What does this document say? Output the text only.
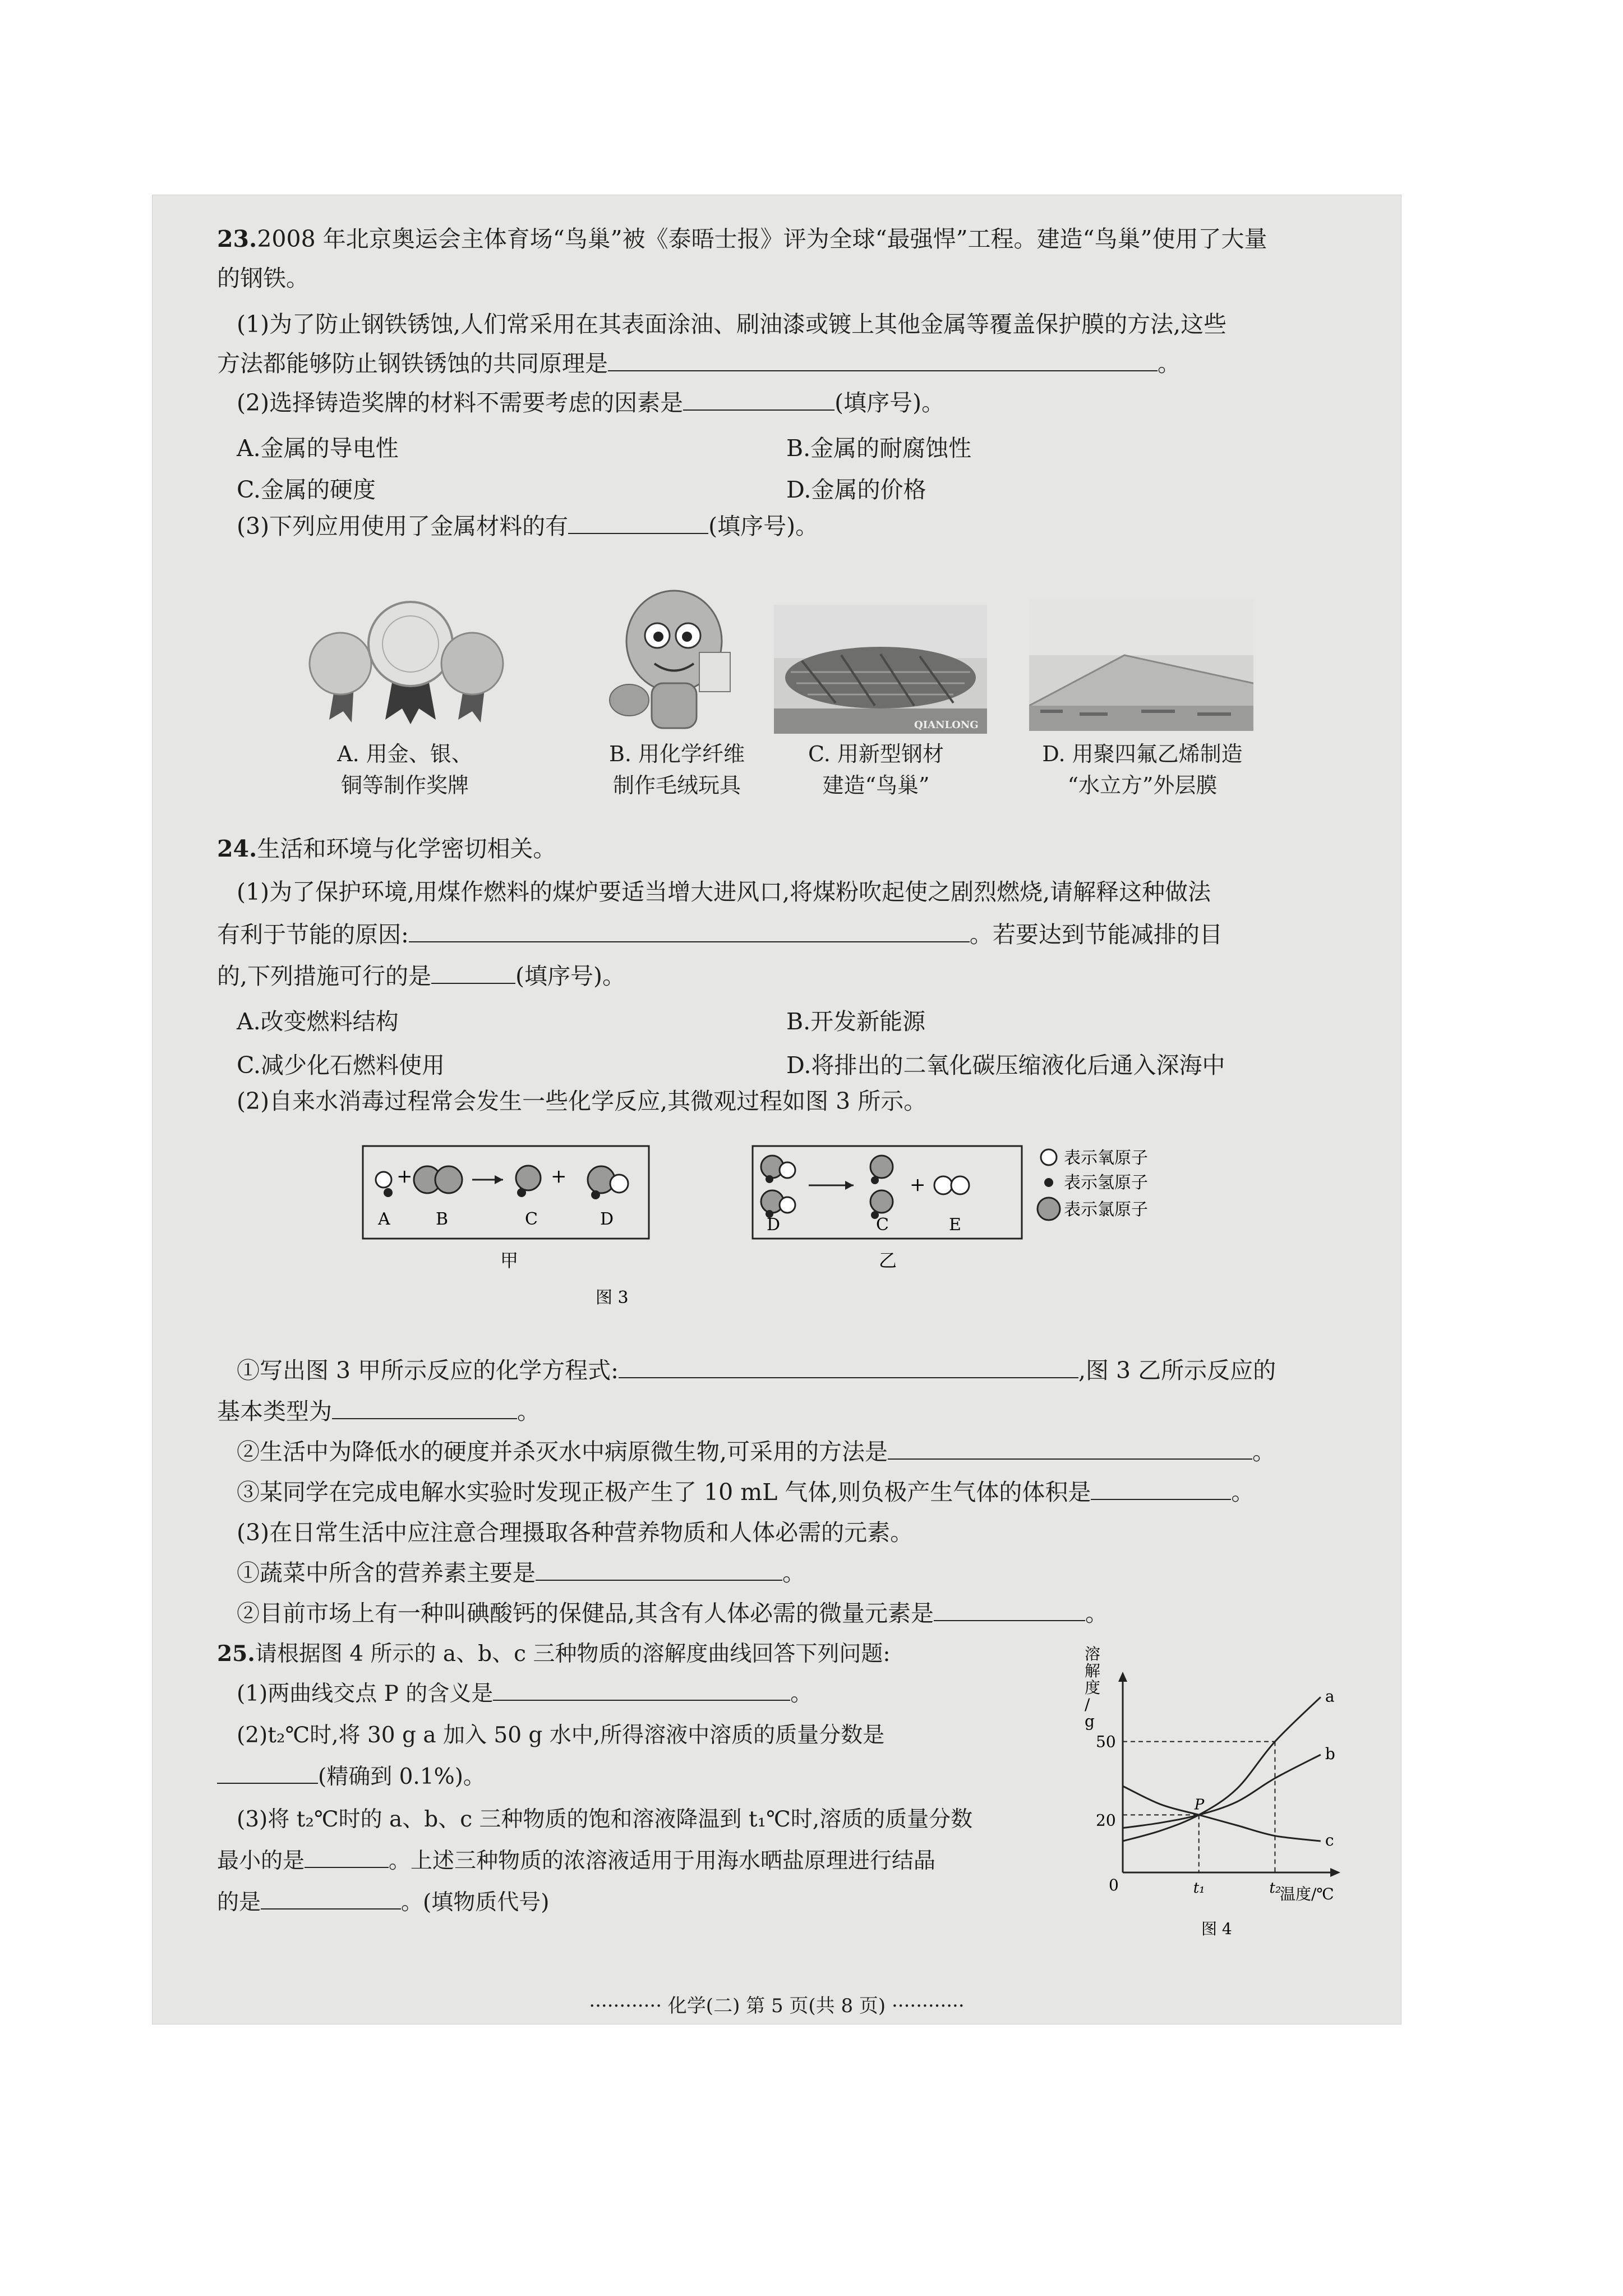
23.2008 年北京奥运会主体育场“鸟巢”被《泰晤士报》评为全球“最强悍”工程。建造“鸟巢”使用了大量
的钢铁。
(1)为了防止钢铁锈蚀,人们常采用在其表面涂油、刷油漆或镀上其他金属等覆盖保护膜的方法,这些
方法都能够防止钢铁锈蚀的共同原理是	。
(2)选择铸造奖牌的材料不需要考虑的因素是	(填序号)。
A.金属的导电性	B.金属的耐腐蚀性
C.金属的硬度	D.金属的价格
(3)下列应用使用了金属材料的有	(填序号)。
QIANLONG
A. 用金、银、
铜等制作奖牌
B. 用化学纤维
制作毛绒玩具
C. 用新型钢材
建造“鸟巢”
D. 用聚四氟乙烯制造
“水立方”外层膜
24.生活和环境与化学密切相关。
(1)为了保护环境,用煤作燃料的煤炉要适当增大进风口,将煤粉吹起使之剧烈燃烧,请解释这种做法
有利于节能的原因:	。若要达到节能减排的目
的,下列措施可行的是	(填序号)。
A.改变燃料结构	B.开发新能源
C.减少化石燃料使用	D.将排出的二氧化碳压缩液化后通入深海中
(2)自来水消毒过程常会发生一些化学反应,其微观过程如图 3 所示。
+	+
A	B	C	D
甲
+
D	C	E
乙
表示氧原子
表示氢原子
表示氯原子
图 3
①写出图 3 甲所示反应的化学方程式:	,图 3 乙所示反应的
基本类型为	。
②生活中为降低水的硬度并杀灭水中病原微生物,可采用的方法是	。
③某同学在完成电解水实验时发现正极产生了 10 mL 气体,则负极产生气体的体积是	。
(3)在日常生活中应注意合理摄取各种营养物质和人体必需的元素。
①蔬菜中所含的营养素主要是	。
②目前市场上有一种叫碘酸钙的保健品,其含有人体必需的微量元素是	。
25.请根据图 4 所示的 a、b、c 三种物质的溶解度曲线回答下列问题:
(1)两曲线交点 P 的含义是	。
(2)t₂℃时,将 30 g a 加入 50 g 水中,所得溶液中溶质的质量分数是
(精确到 0.1%)。
(3)将 t₂℃时的 a、b、c 三种物质的饱和溶液降温到 t₁℃时,溶质的质量分数
最小的是	。上述三种物质的浓溶液适用于用海水晒盐原理进行结晶
的是	。(填物质代号)
溶
解
度
/
g
0	温度/℃
a
b
c
20
50
t₁	t₂
P
图 4
············ 化学(二) 第 5 页(共 8 页) ············
